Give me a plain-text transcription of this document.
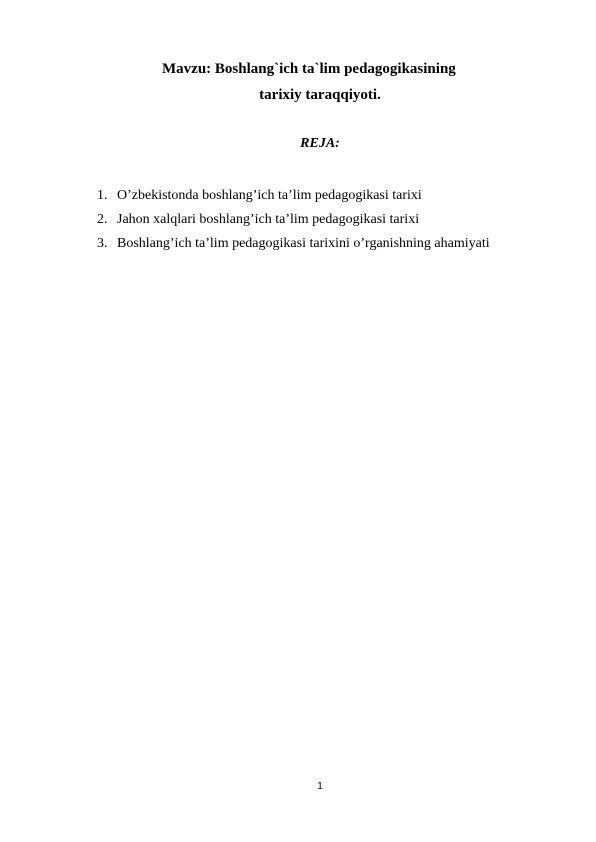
Mavzu: Boshlang`ich ta`lim pedagogikasining
tarixiy taraqqiyoti.
REJA:
1. O’zbekistonda boshlang’ich ta’lim pedagogikasi tarixi
2. Jahon xalqlari boshlang’ich ta’lim pedagogikasi tarixi
3. Boshlang’ich ta’lim pedagogikasi tarixini o’rganishning ahamiyati
1
